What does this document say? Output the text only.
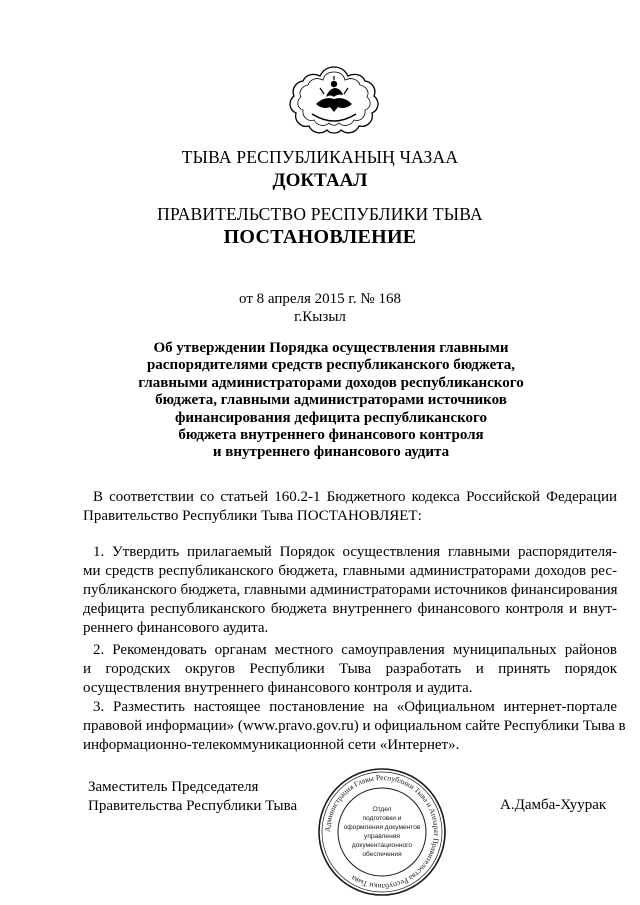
ТЫВА РЕСПУБЛИКАНЫҢ ЧАЗАА
ДОКТААЛ
ПРАВИТЕЛЬСТВО РЕСПУБЛИКИ ТЫВА
ПОСТАНОВЛЕНИЕ
от 8 апреля 2015 г. № 168
г.Кызыл
Об утверждении Порядка осуществления главными
распорядителями средств республиканского бюджета,
главными администраторами доходов республиканского
бюджета, главными администраторами источников
финансирования дефицита республиканского
бюджета внутреннего финансового контроля
и внутреннего финансового аудита
В соответствии со статьей 160.2-1 Бюджетного кодекса Российской Федерации
Правительство Республики Тыва ПОСТАНОВЛЯЕТ:
1. Утвердить прилагаемый Порядок осуществления главными распорядителя-
ми средств республиканского бюджета, главными администраторами доходов рес-
публиканского бюджета, главными администраторами источников финансирования
дефицита республиканского бюджета внутреннего финансового контроля и внут-
реннего финансового аудита.
2. Рекомендовать органам местного самоуправления муниципальных районов
и городских округов Республики Тыва разработать и принять порядок
осуществления внутреннего финансового контроля и аудита.
3. Разместить настоящее постановление на «Официальном интернет-портале
правовой информации» (www.pravo.gov.ru) и официальном сайте Республики Тыва в
информационно-телекоммуникационной сети «Интернет».
Заместитель Председателя
Правительства Республики Тыва	А.Дамба-Хуурак
Администрация Главы Республики Тыва и Аппарат Правительства Республики Тыва
Отдел
подготовки и
оформления документов
управления
документационного
обеспечения
